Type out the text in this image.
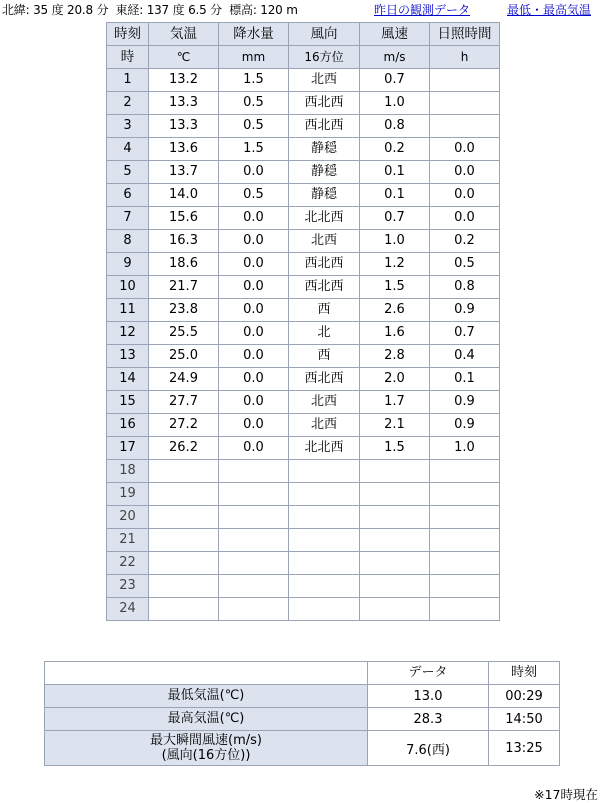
北緯: 35 度 20.8 分 東経: 137 度 6.5 分 標高: 120 m	昨日の観測データ	最低・最高気温
時刻	気温	降水量	風向	風速	日照時間
時	℃	mm	16方位	m/s	h
1	13.2	1.5	北西	0.7	
2	13.3	0.5	西北西	1.0	
3	13.3	0.5	西北西	0.8	
4	13.6	1.5	静穏	0.2	0.0
5	13.7	0.0	静穏	0.1	0.0
6	14.0	0.5	静穏	0.1	0.0
7	15.6	0.0	北北西	0.7	0.0
8	16.3	0.0	北西	1.0	0.2
9	18.6	0.0	西北西	1.2	0.5
10	21.7	0.0	西北西	1.5	0.8
11	23.8	0.0	西	2.6	0.9
12	25.5	0.0	北	1.6	0.7
13	25.0	0.0	西	2.8	0.4
14	24.9	0.0	西北西	2.0	0.1
15	27.7	0.0	北西	1.7	0.9
16	27.2	0.0	北西	2.1	0.9
17	26.2	0.0	北北西	1.5	1.0
18					
19					
20					
21					
22					
23					
24					
	データ	時刻
最低気温(℃)	13.0	00:29
最高気温(℃)	28.3	14:50

最大瞬間風速(m/s)
(風向(16方位))	7.6(西)	13:25
※17時現在
